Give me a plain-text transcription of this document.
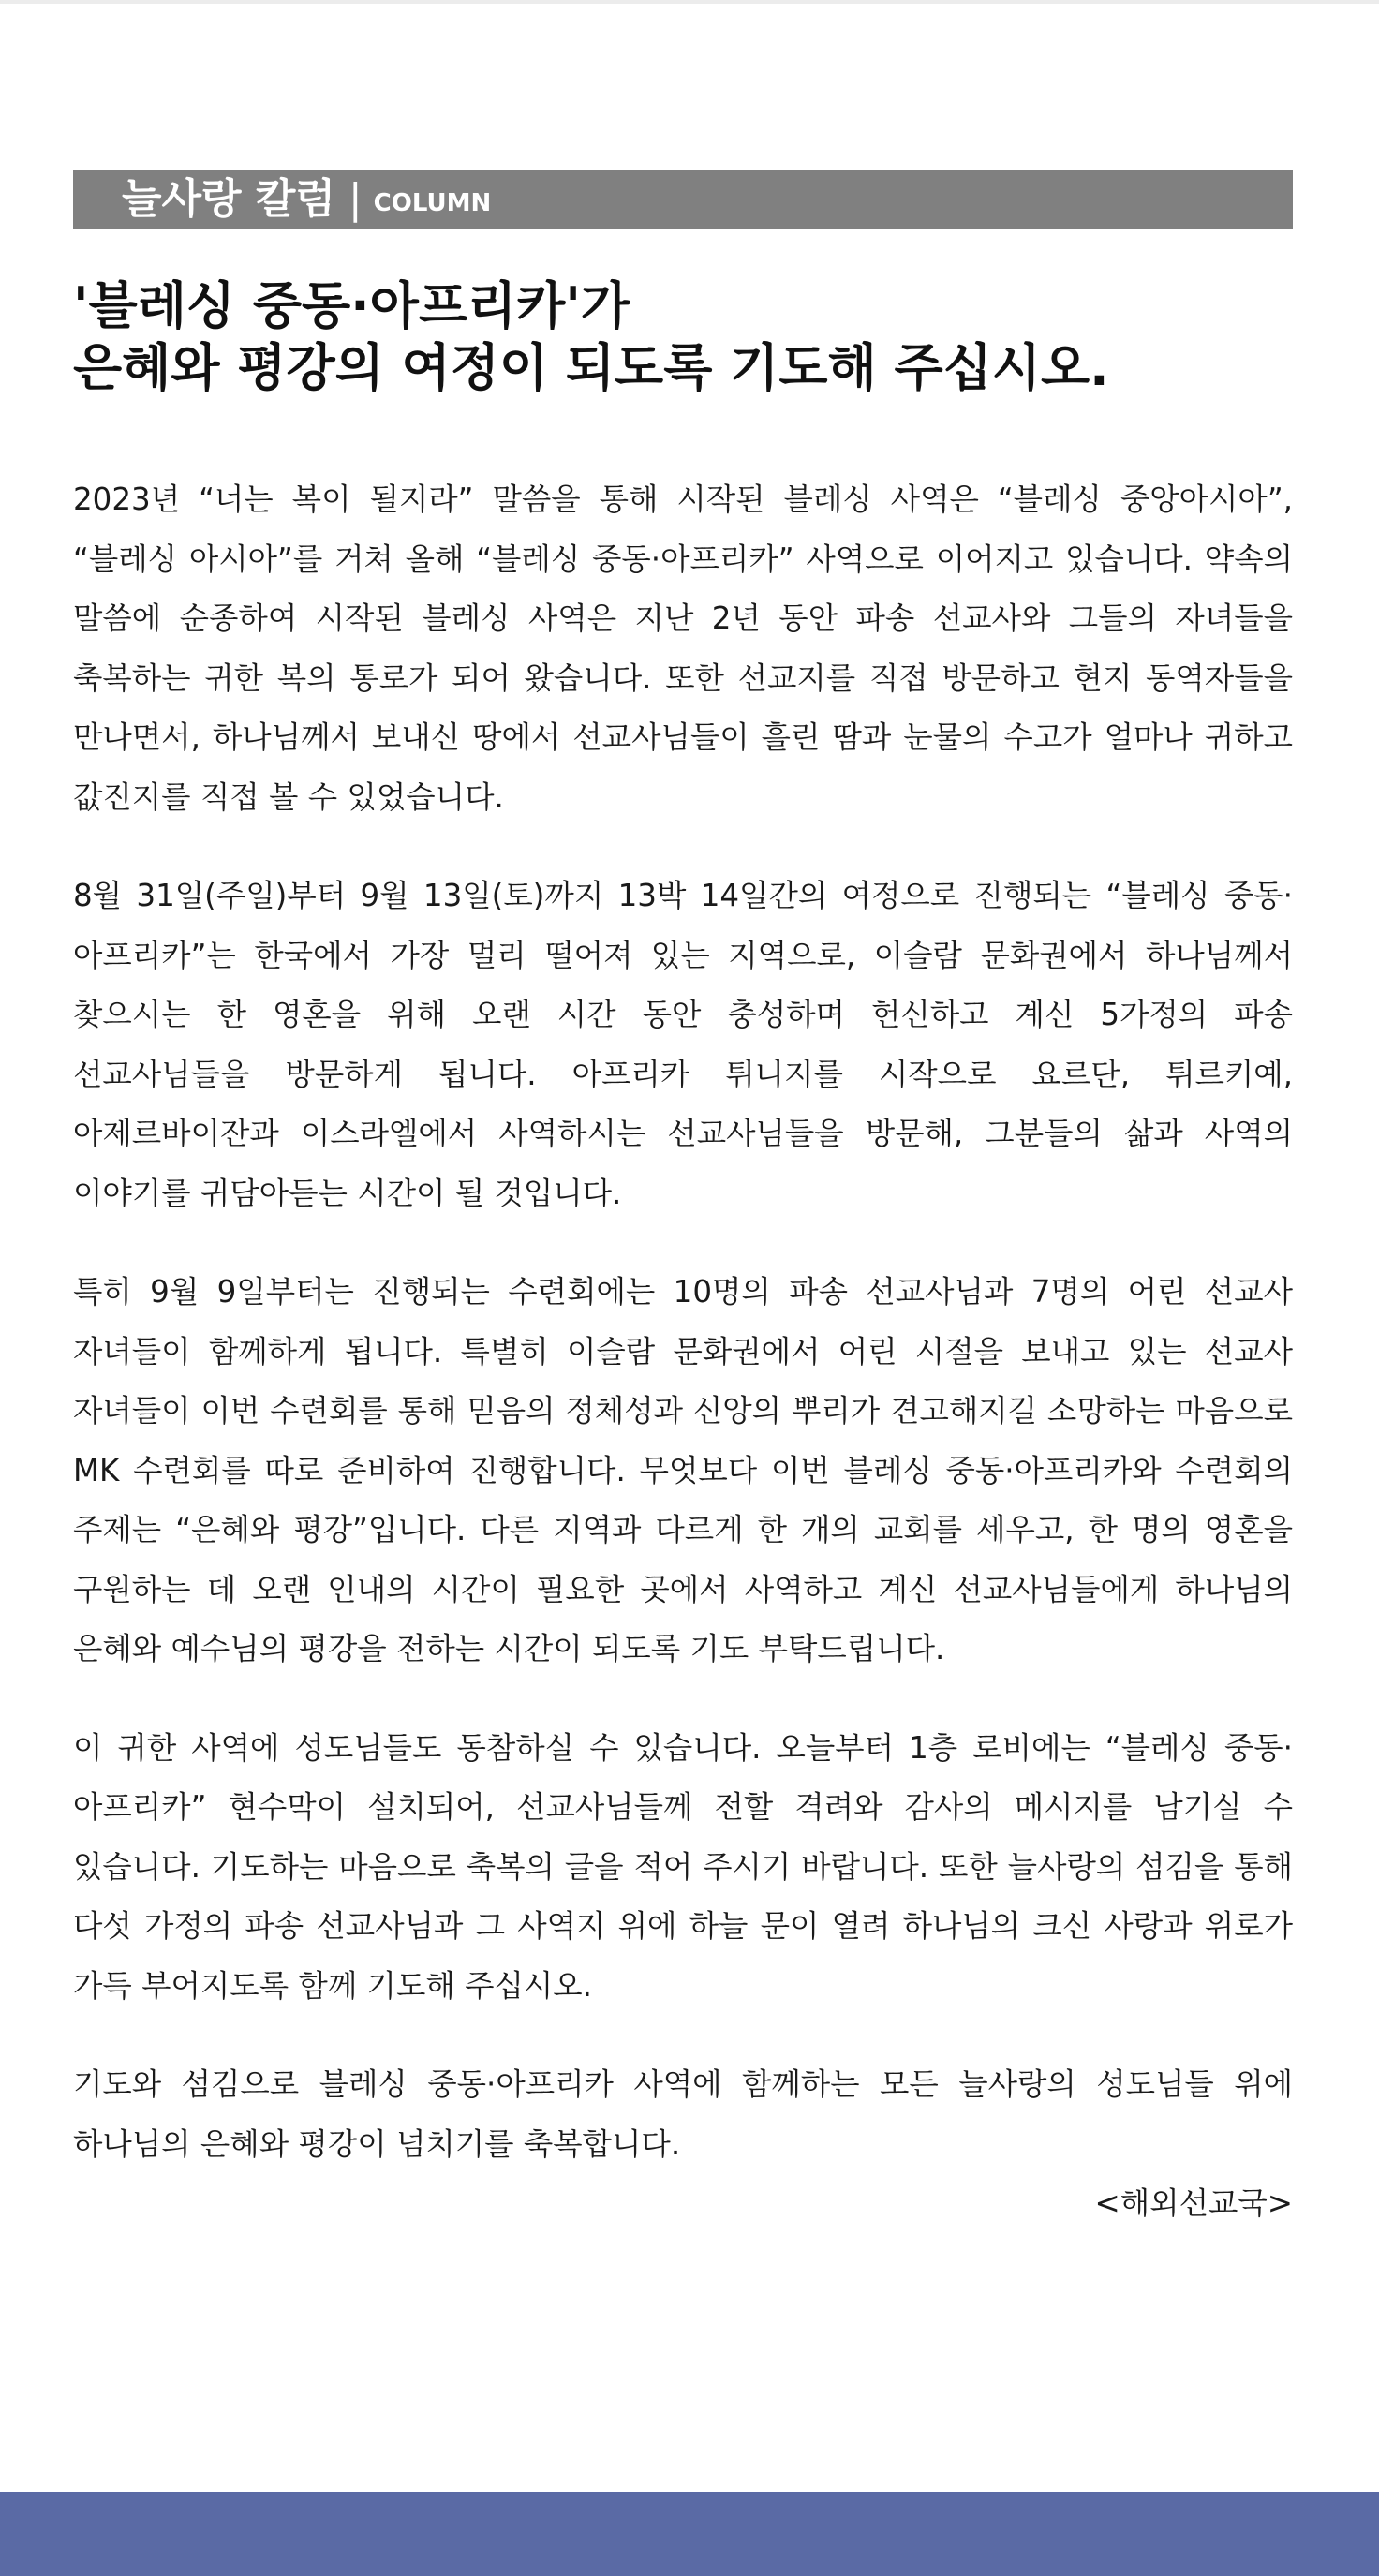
늘사랑 칼럼 | COLUMN
'블레싱 중동·아프리카'가
은혜와 평강의 여정이 되도록 기도해 주십시오.

2023년 “너는 복이 될지라” 말씀을 통해 시작된 블레싱 사역은 “블레싱 중앙아시아”, “블레싱 아시아”를 거쳐 올해 “블레싱 중동·아프리카” 사역으로 이어지고 있습니다. 약속의 말씀에 순종하여 시작된 블레싱 사역은 지난 2년 동안 파송 선교사와 그들의 자녀들을 축복하는 귀한 복의 통로가 되어 왔습니다. 또한 선교지를 직접 방문하고 현지 동역자들을 만나면서, 하나님께서 보내신 땅에서 선교사님들이 흘린 땀과 눈물의 수고가 얼마나 귀하고 값진지를 직접 볼 수 있었습니다.

8월 31일(주일)부터 9월 13일(토)까지 13박 14일간의 여정으로 진행되는 “블레싱 중동·아프리카”는 한국에서 가장 멀리 떨어져 있는 지역으로, 이슬람 문화권에서 하나님께서 찾으시는 한 영혼을 위해 오랜 시간 동안 충성하며 헌신하고 계신 5가정의 파송 선교사님들을 방문하게 됩니다. 아프리카 튀니지를 시작으로 요르단, 튀르키예, 아제르바이잔과 이스라엘에서 사역하시는 선교사님들을 방문해, 그분들의 삶과 사역의 이야기를 귀담아듣는 시간이 될 것입니다.

특히 9월 9일부터는 진행되는 수련회에는 10명의 파송 선교사님과 7명의 어린 선교사 자녀들이 함께하게 됩니다. 특별히 이슬람 문화권에서 어린 시절을 보내고 있는 선교사 자녀들이 이번 수련회를 통해 믿음의 정체성과 신앙의 뿌리가 견고해지길 소망하는 마음으로 MK 수련회를 따로 준비하여 진행합니다. 무엇보다 이번 블레싱 중동·아프리카와 수련회의 주제는 “은혜와 평강”입니다. 다른 지역과 다르게 한 개의 교회를 세우고, 한 명의 영혼을 구원하는 데 오랜 인내의 시간이 필요한 곳에서 사역하고 계신 선교사님들에게 하나님의 은혜와 예수님의 평강을 전하는 시간이 되도록 기도 부탁드립니다.

이 귀한 사역에 성도님들도 동참하실 수 있습니다. 오늘부터 1층 로비에는 “블레싱 중동·아프리카” 현수막이 설치되어, 선교사님들께 전할 격려와 감사의 메시지를 남기실 수 있습니다. 기도하는 마음으로 축복의 글을 적어 주시기 바랍니다. 또한 늘사랑의 섬김을 통해 다섯 가정의 파송 선교사님과 그 사역지 위에 하늘 문이 열려 하나님의 크신 사랑과 위로가 가득 부어지도록 함께 기도해 주십시오.

기도와 섬김으로 블레싱 중동·아프리카 사역에 함께하는 모든 늘사랑의 성도님들 위에 하나님의 은혜와 평강이 넘치기를 축복합니다.

<해외선교국>
